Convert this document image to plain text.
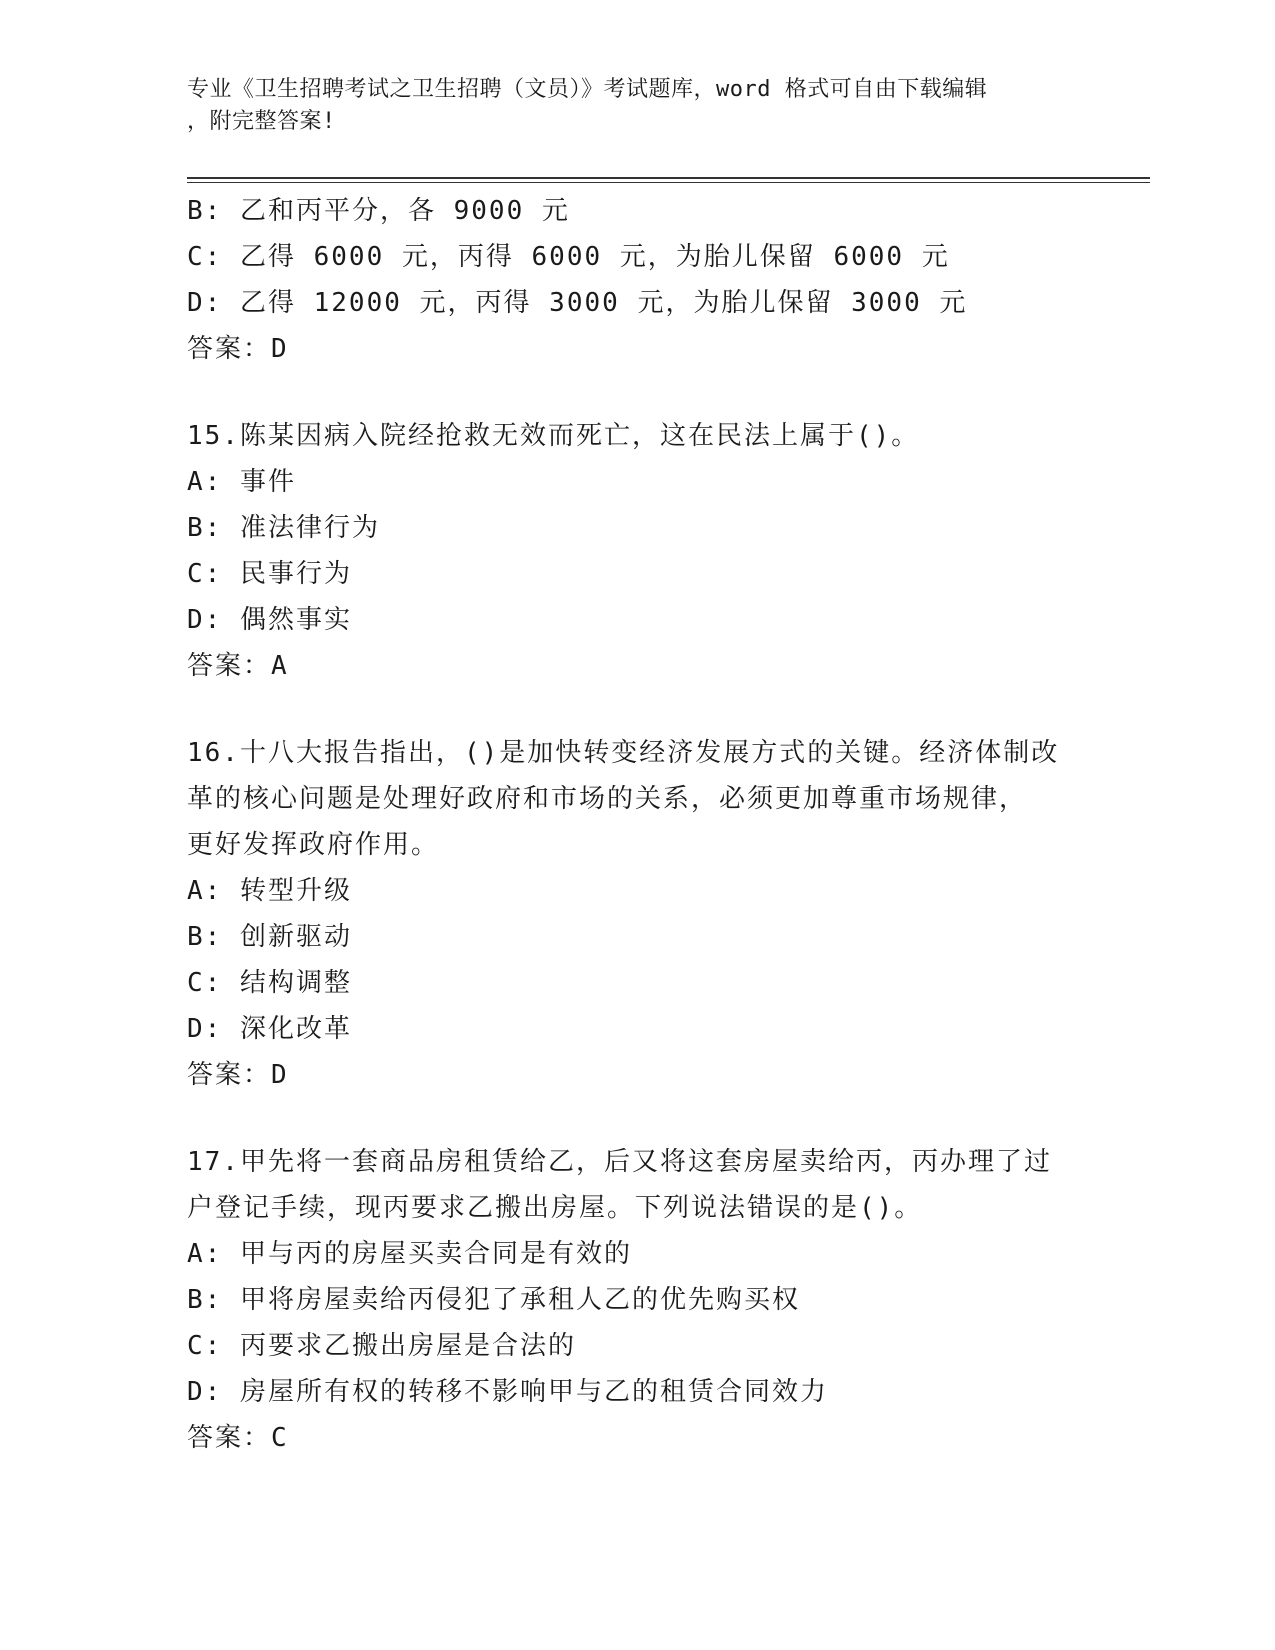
专业《卫生招聘考试之卫生招聘（文员）》考试题库，word 格式可自由下载编辑
，附完整答案!
B: 乙和丙平分，各 9000 元
C: 乙得 6000 元，丙得 6000 元，为胎儿保留 6000 元
D: 乙得 12000 元，丙得 3000 元，为胎儿保留 3000 元
答案：D
15.陈某因病入院经抢救无效而死亡，这在民法上属于()。
A: 事件
B: 准法律行为
C: 民事行为
D: 偶然事实
答案：A
16.十八大报告指出，()是加快转变经济发展方式的关键。经济体制改
革的核心问题是处理好政府和市场的关系，必须更加尊重市场规律，
更好发挥政府作用。
A: 转型升级
B: 创新驱动
C: 结构调整
D: 深化改革
答案：D
17.甲先将一套商品房租赁给乙，后又将这套房屋卖给丙，丙办理了过
户登记手续，现丙要求乙搬出房屋。下列说法错误的是()。
A: 甲与丙的房屋买卖合同是有效的
B: 甲将房屋卖给丙侵犯了承租人乙的优先购买权
C: 丙要求乙搬出房屋是合法的
D: 房屋所有权的转移不影响甲与乙的租赁合同效力
答案：C
